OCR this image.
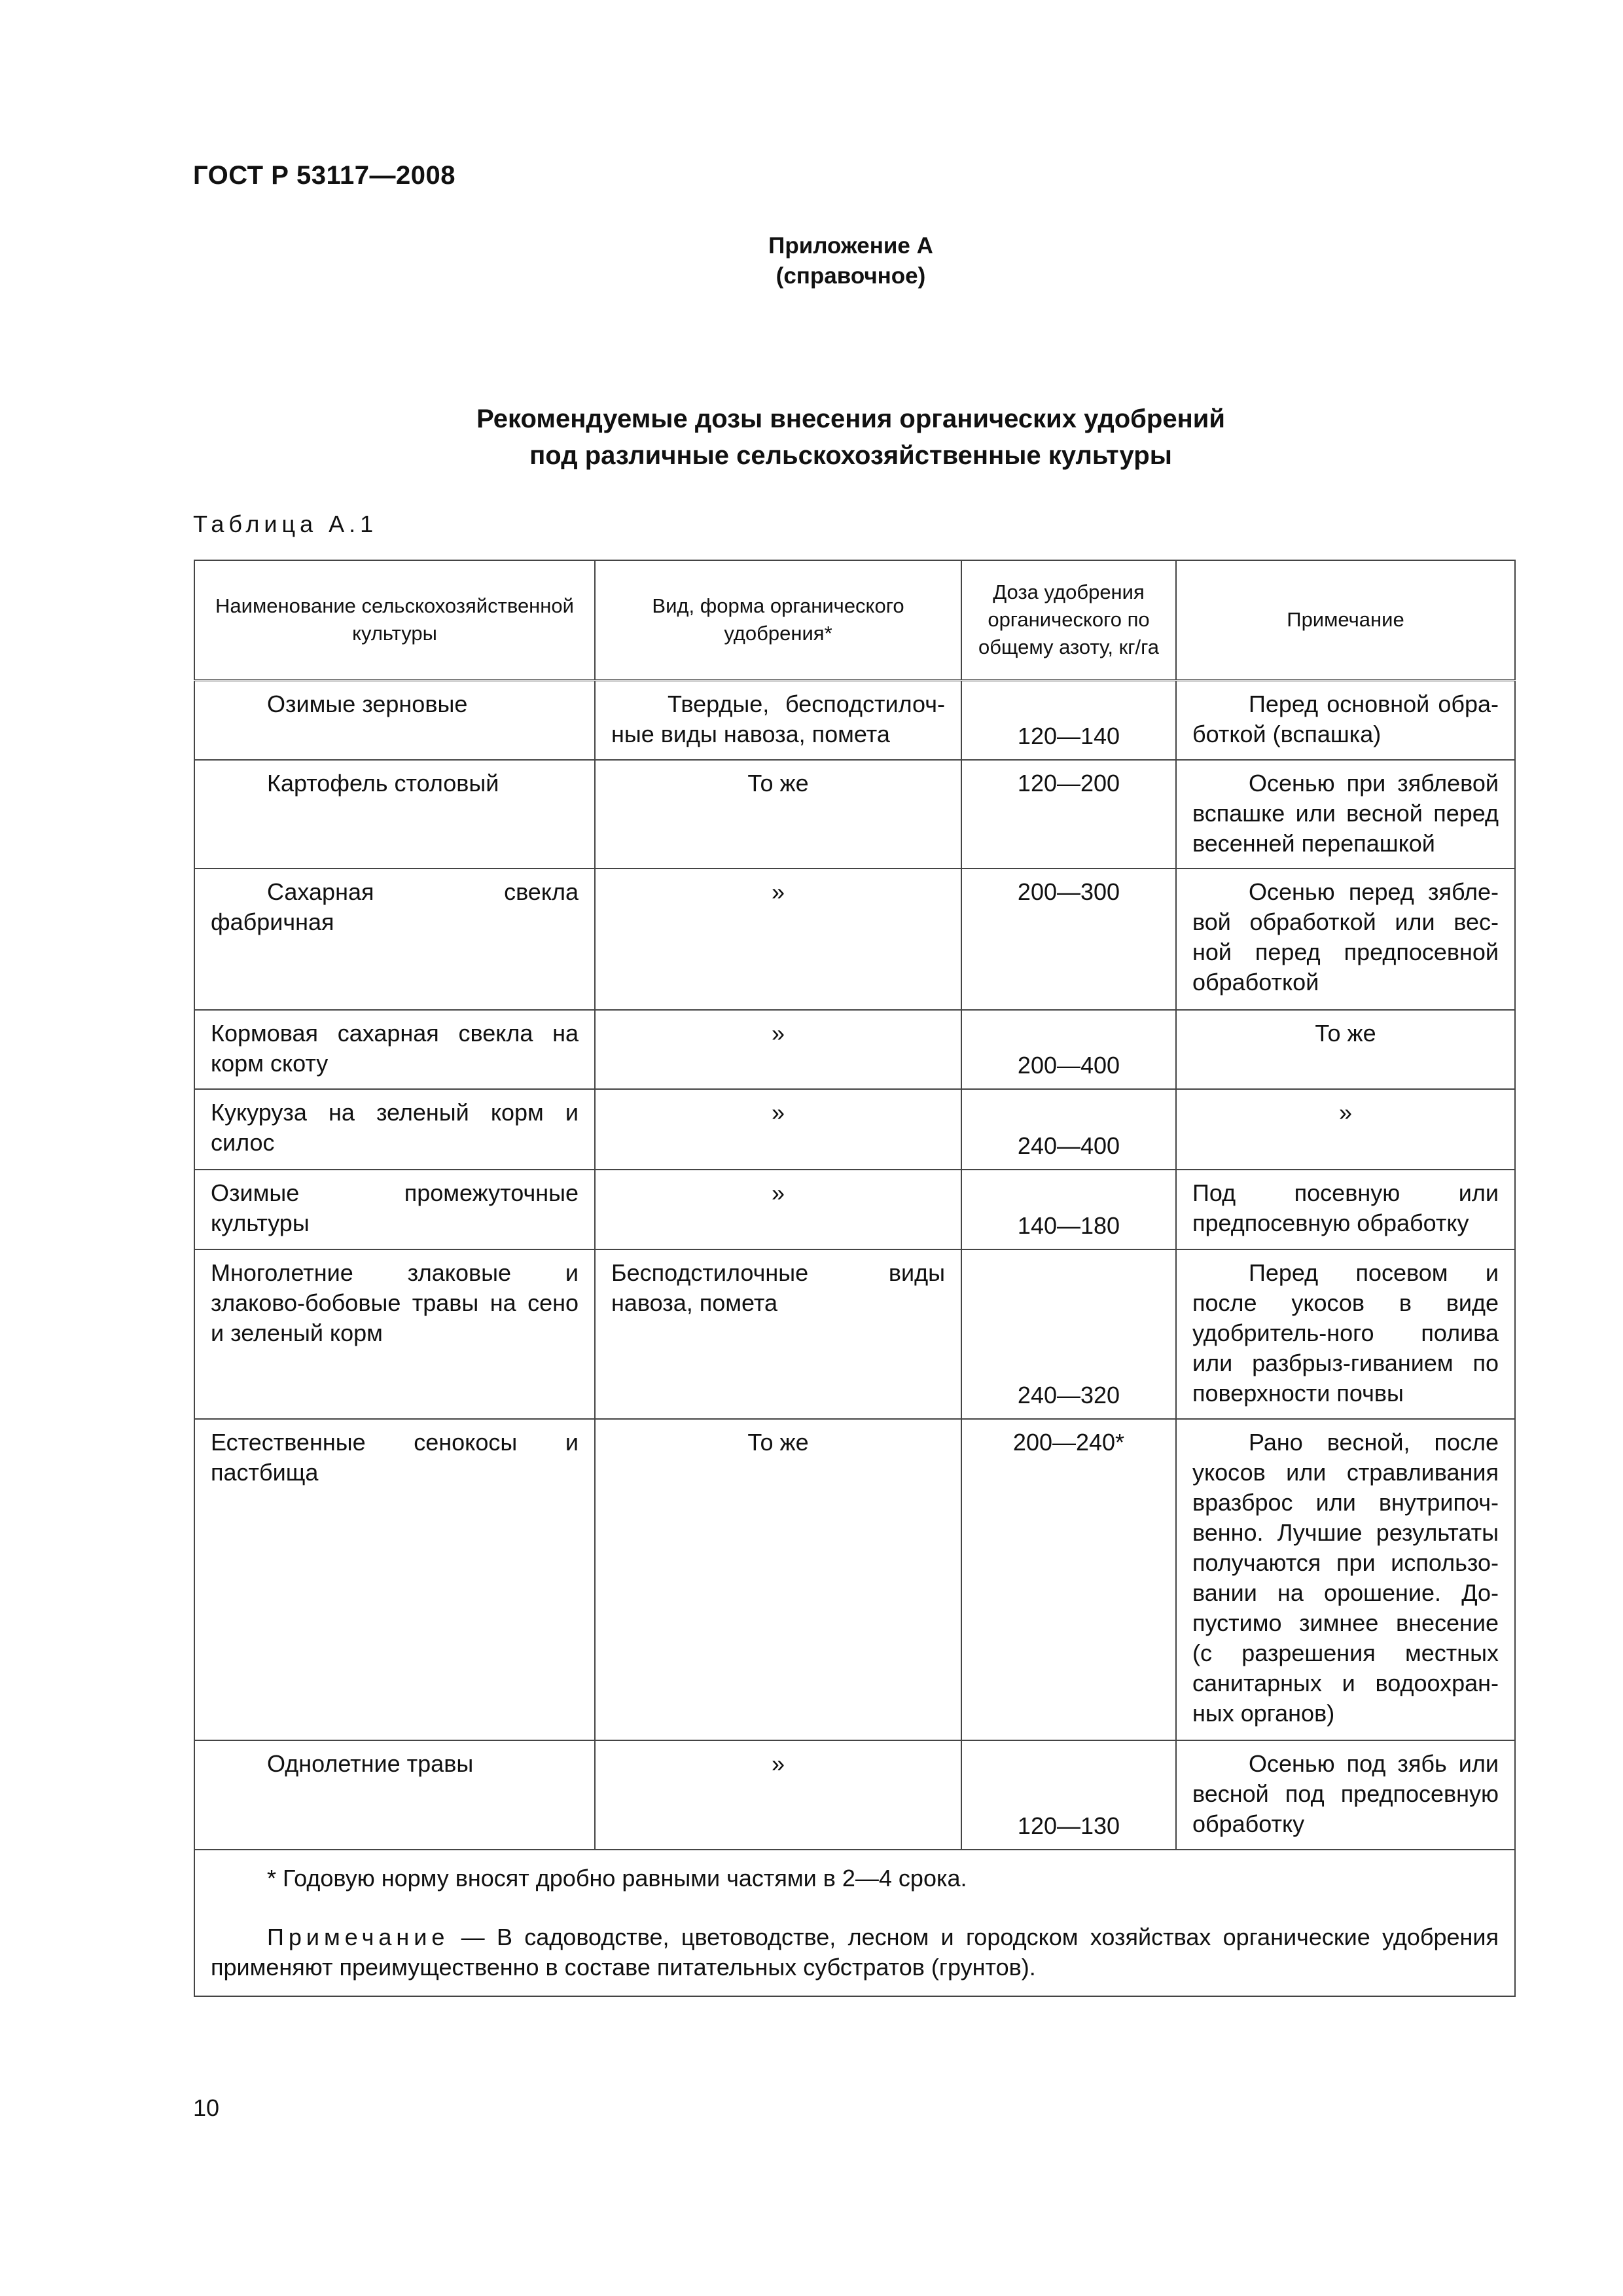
ГОСТ Р 53117—2008
Приложение А
(справочное)
Рекомендуемые дозы внесения органических удобрений
под различные сельскохозяйственные культуры
Таблица А.1
Наименование сельскохозяйственной культуры	Вид, форма органического удобрения*	Доза удобрения органического по общему азоту, кг/га	Примечание
Озимые зерновые	Твердые, бесподстилоч-ные виды навоза, помета	120—140	Перед основной обра-боткой (вспашка)
Картофель столовый	То же	120—200	Осенью при зяблевой вспашке или весной перед весенней перепашкой
Сахарная свекла фабричная	»	200—300	Осенью перед зябле-вой обработкой или вес-ной перед предпосевной обработкой
Кормовая сахарная свекла на корм скоту	»	200—400	То же
Кукуруза на зеленый корм и силос	»	240—400	»
Озимые промежуточные культуры	»	140—180	Под посевную или предпосевную обработку
Многолетние злаковые и злаково-бобовые травы на сено и зеленый корм	Бесподстилочные виды навоза, помета	240—320	Перед посевом и после укосов в виде удобритель-ного полива или разбрыз-гиванием по поверхности почвы
Естественные сенокосы и пастбища	То же	200—240*	Рано весной, после укосов или стравливания вразброс или внутрипоч-венно. Лучшие результаты получаются при использо-вании на орошение. До-пустимо зимнее внесение (с разрешения местных санитарных и водоохран-ных органов)
Однолетние травы	»	120—130	Осенью под зябь или весной под предпосевную обработку

* Годовую норму вносят дробно равными частями в 2—4 срока.

Примечание — В садоводстве, цветоводстве, лесном и городском хозяйствах органические удобрения применяют преимущественно в составе питательных субстратов (грунтов).			

10
